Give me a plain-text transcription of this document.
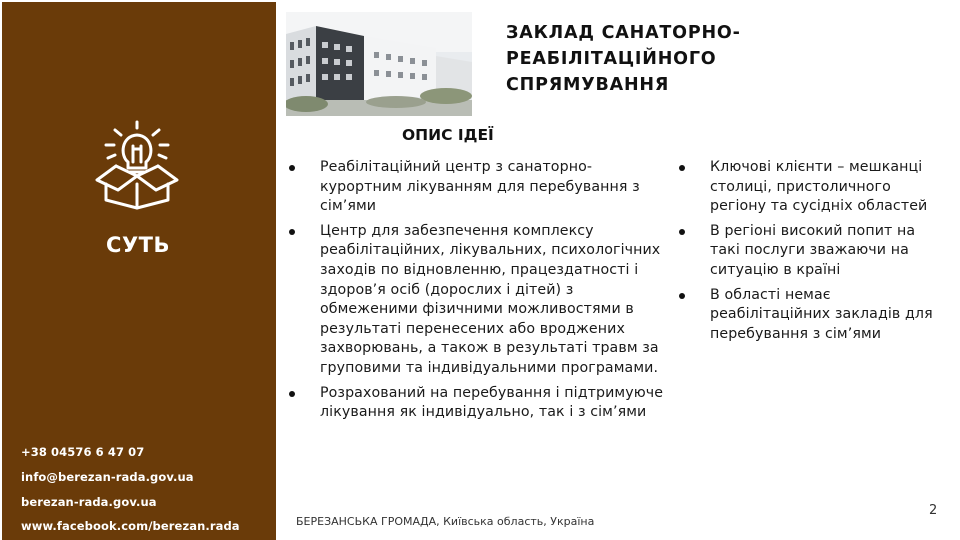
СУТЬ
+38 04576 6 47 07
info@berezan-rada.gov.ua
berezan-rada.gov.ua
www.facebook.com/berezan.rada
ЗАКЛАД САНАТОРНО-
РЕАБІЛІТАЦІЙНОГО
СПРЯМУВАННЯ
ОПИС ІДЕЇ
Реабілітаційний центр з санаторно-курортним лікуванням для перебування з сім’ями
Центр для забезпечення комплексу реабілітаційних, лікувальних, психологічних заходів по відновленню, працездатності і здоров’я осіб (дорослих і дітей) з обмеженими фізичними можливостями в результаті перенесених або вроджених захворювань, а також в результаті травм за груповими та індивідуальними програмами.
Розрахований на перебування і підтримуюче лікування як індивідуально, так і з сім’ями
Ключові клієнти – мешканці столиці, пристоличного регіону та сусідніх областей
В регіоні високий попит на такі послуги зважаючи на ситуацію в країні
В області немає реабілітаційних закладів для перебування з сім’ями
БЕРЕЗАНСЬКА ГРОМАДА, Київська область, Україна
2
